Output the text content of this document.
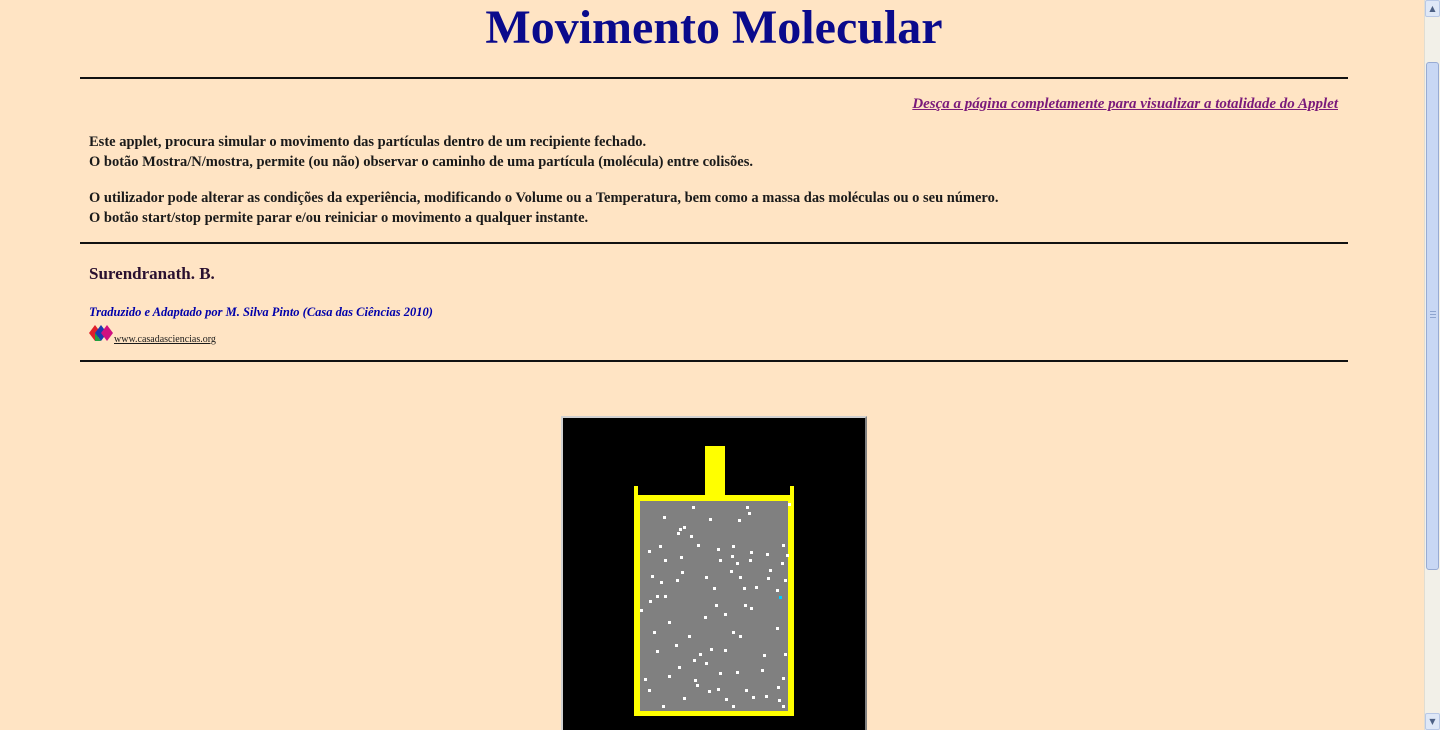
Movimento Molecular
Desça a página completamente para visualizar a totalidade do Applet
Este applet, procura simular o movimento das partículas dentro de um recipiente fechado.
O botão Mostra/N/mostra, permite (ou não) observar o caminho de uma partícula (molécula) entre colisões.
O utilizador pode alterar as condições da experiência, modificando o Volume ou a Temperatura, bem como a massa das moléculas ou o seu número.
O botão start/stop permite parar e/ou reiniciar o movimento a qualquer instante.
Surendranath. B.
Traduzido e Adaptado por M. Silva Pinto (Casa das Ciências 2010)
www.casadasciencias.org
▲
▼
